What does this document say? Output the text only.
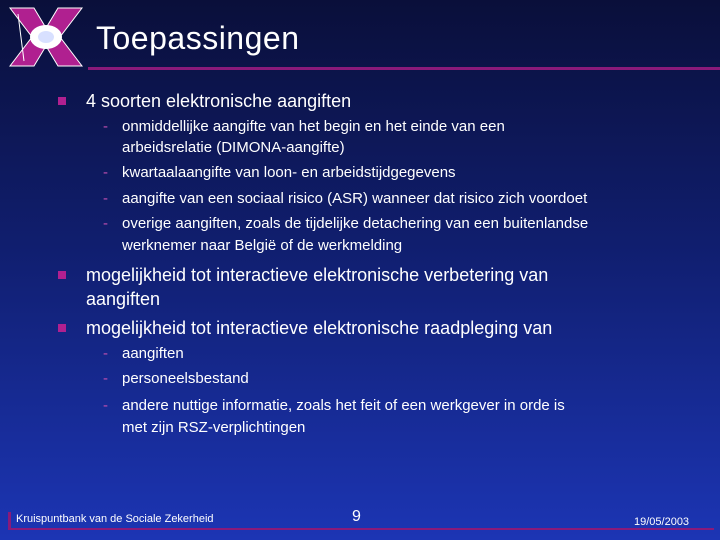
Toepassingen
4 soorten elektronische aangiften
- onmiddellijke aangifte van het begin en het einde van een
arbeidsrelatie (DIMONA-aangifte)
- kwartaalaangifte van loon- en arbeidstijdgegevens
- aangifte van een sociaal risico (ASR) wanneer dat risico zich voordoet
- overige aangiften, zoals de tijdelijke detachering van een buitenlandse
werknemer naar België of de werkmelding
mogelijkheid tot interactieve elektronische verbetering van
aangiften
mogelijkheid tot interactieve elektronische raadpleging van
- aangiften
- personeelsbestand
- andere nuttige informatie, zoals het feit of een werkgever in orde is
met zijn RSZ-verplichtingen
Kruispuntbank van de Sociale Zekerheid	9	19/05/2003
